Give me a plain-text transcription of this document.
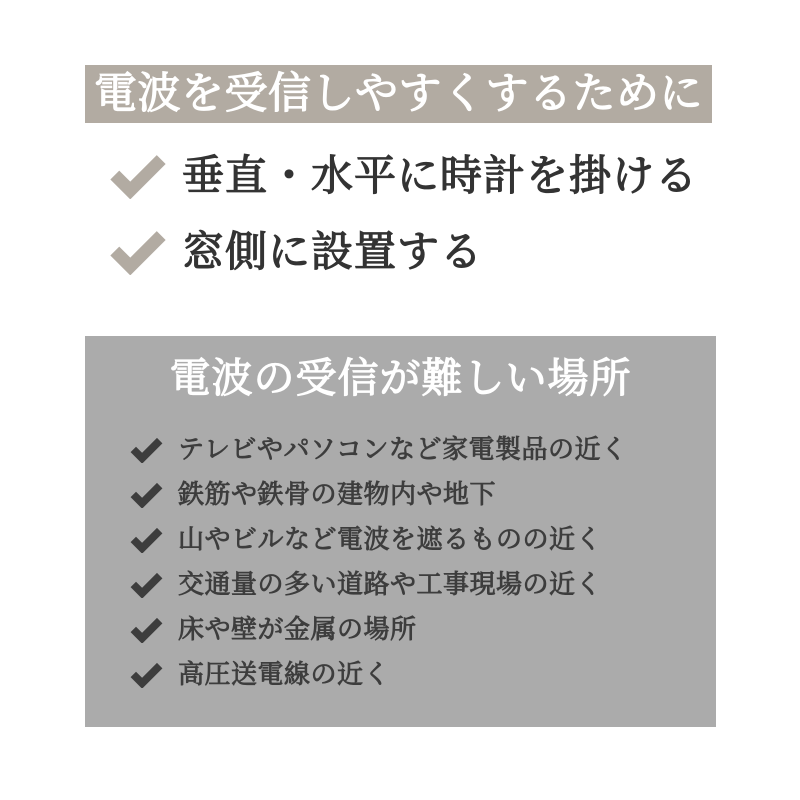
電波を受信しやすくするために
垂直・水平に時計を掛ける
窓側に設置する
電波の受信が難しい場所
テレビやパソコンなど家電製品の近く
鉄筋や鉄骨の建物内や地下
山やビルなど電波を遮るものの近く
交通量の多い道路や工事現場の近く
床や壁が金属の場所
高圧送電線の近く
